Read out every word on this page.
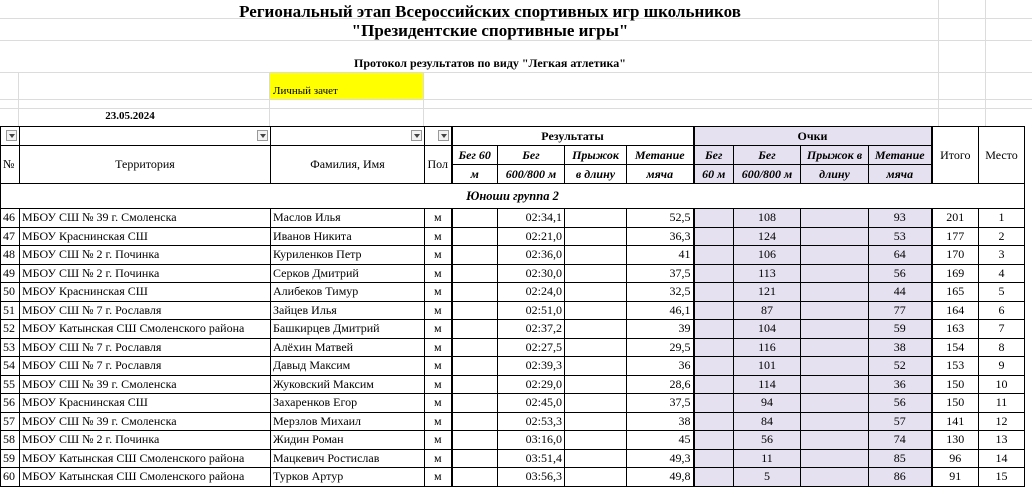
Региональный этап Всероссийских спортивных игр школьников
"Президентские спортивные игры"
Протокол результатов по виду "Легкая атлетика"
Личный зачет
23.05.2024

	Результаты				Очки				Итого	Место
№	Территория	Фамилия, Имя	Пол	Бег 60	Бег	Прыжок	Метание	Бег	Бег	Прыжок в	Метание		
				м	600/800 м	в длину	мяча	60 м	600/800 м	длину	мяча		
Юноши группа 2													
46	МБОУ СШ № 39 г. Смоленска	Маслов Илья	м		02:34,1		52,5		108		93	201	1
47	МБОУ Краснинская СШ	Иванов Никита	м		02:21,0		36,3		124		53	177	2
48	МБОУ СШ № 2 г. Починка	Куриленков Петр	м		02:36,0		41		106		64	170	3
49	МБОУ СШ № 2 г. Починка	Серков Дмитрий	м		02:30,0		37,5		113		56	169	4
50	МБОУ Краснинская СШ	Алибеков Тимур	м		02:24,0		32,5		121		44	165	5
51	МБОУ СШ № 7 г. Рославля	Зайцев Илья	м		02:51,0		46,1		87		77	164	6
52	МБОУ Катынская СШ Смоленского района	Башкирцев Дмитрий	м		02:37,2		39		104		59	163	7
53	МБОУ СШ № 7 г. Рославля	Алёхин Матвей	м		02:27,5		29,5		116		38	154	8
54	МБОУ СШ № 7 г. Рославля	Давыд Максим	м		02:39,3		36		101		52	153	9
55	МБОУ СШ № 39 г. Смоленска	Жуковский Максим	м		02:29,0		28,6		114		36	150	10
56	МБОУ Краснинская СШ	Захаренков Егор	м		02:45,0		37,5		94		56	150	11
57	МБОУ СШ № 39 г. Смоленска	Мерзлов Михаил	м		02:53,3		38		84		57	141	12
58	МБОУ СШ № 2 г. Починка	Жидин Роман	м		03:16,0		45		56		74	130	13
59	МБОУ Катынская СШ Смоленского района	Мацкевич Ростислав	м		03:51,4		49,3		11		85	96	14
60	МБОУ Катынская СШ Смоленского района	Турков Артур	м		03:56,3		49,8		5		86	91	15
